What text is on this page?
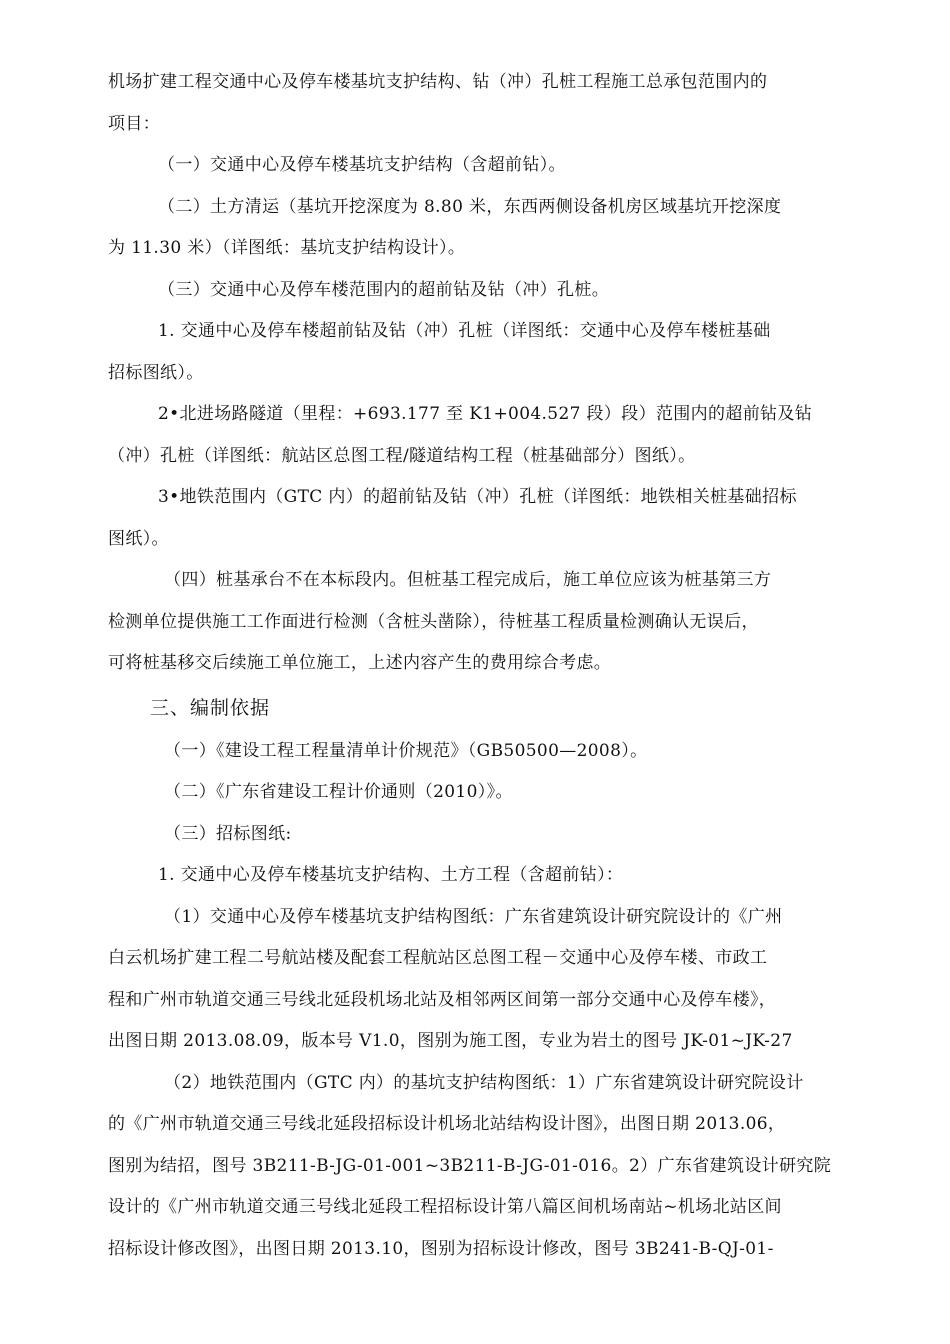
机场扩建工程交通中心及停车楼基坑支护结构、钻（冲）孔桩工程施工总承包范围内的
项目：
（一）交通中心及停车楼基坑支护结构（含超前钻）。
（二）土方清运（基坑开挖深度为 8.80 米，东西两侧设备机房区域基坑开挖深度
为 11.30 米）（详图纸：基坑支护结构设计）。
（三）交通中心及停车楼范围内的超前钻及钻（冲）孔桩。
1. 交通中心及停车楼超前钻及钻（冲）孔桩（详图纸：交通中心及停车楼桩基础
招标图纸）。
2•北进场路隧道（里程：+693.177 至 K1+004.527 段）段）范围内的超前钻及钻
（冲）孔桩（详图纸：航站区总图工程/隧道结构工程（桩基础部分）图纸）。
3•地铁范围内（GTC 内）的超前钻及钻（冲）孔桩（详图纸：地铁相关桩基础招标
图纸）。
（四）桩基承台不在本标段内。但桩基工程完成后，施工单位应该为桩基第三方
检测单位提供施工工作面进行检测（含桩头凿除），待桩基工程质量检测确认无误后，
可将桩基移交后续施工单位施工，上述内容产生的费用综合考虑。
三、编制依据
（一）《建设工程工程量清单计价规范》（GB50500—2008）。
（二）《广东省建设工程计价通则（2010）》。
（三）招标图纸:
1. 交通中心及停车楼基坑支护结构、土方工程（含超前钻）：
（1）交通中心及停车楼基坑支护结构图纸：广东省建筑设计研究院设计的《广州
白云机场扩建工程二号航站楼及配套工程航站区总图工程－交通中心及停车楼、市政工
程和广州市轨道交通三号线北延段机场北站及相邻两区间第一部分交通中心及停车楼》，
出图日期 2013.08.09，版本号 V1.0，图别为施工图，专业为岩土的图号 JK-01~JK-27
（2）地铁范围内（GTC 内）的基坑支护结构图纸：1）广东省建筑设计研究院设计
的《广州市轨道交通三号线北延段招标设计机场北站结构设计图》，出图日期 2013.06，
图别为结招，图号 3B211-B-JG-01-001~3B211-B-JG-01-016。2）广东省建筑设计研究院
设计的《广州市轨道交通三号线北延段工程招标设计第八篇区间机场南站~机场北站区间
招标设计修改图》，出图日期 2013.10，图别为招标设计修改，图号 3B241-B-QJ-01-
